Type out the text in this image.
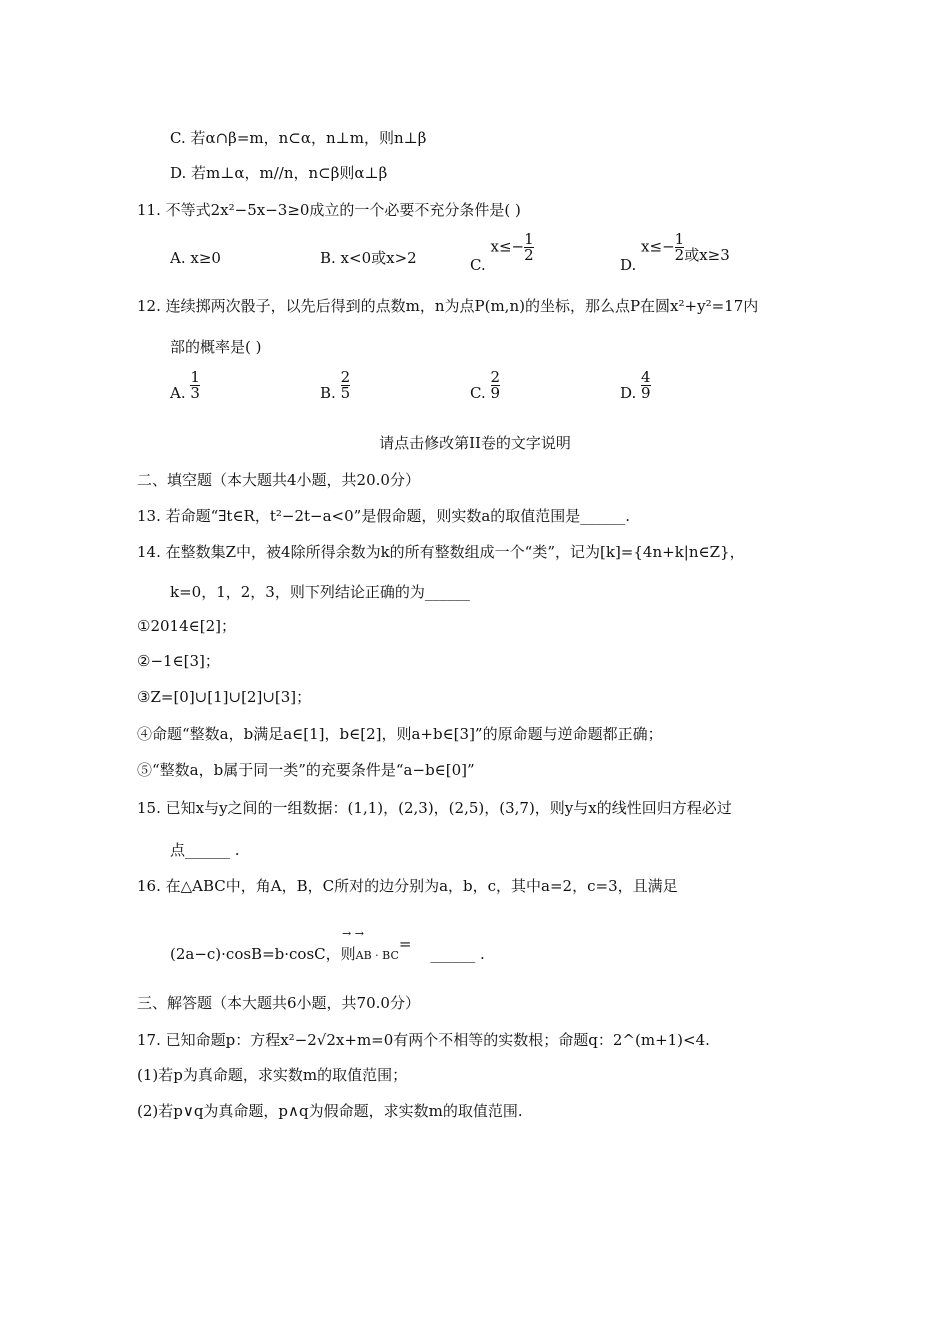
C. 若α∩β=m，n⊂α，n⊥m，则n⊥β
D. 若m⊥α，m//n，n⊂β则α⊥β
11. 不等式2x²−5x−3≥0成立的一个必要不充分条件是( )
A. x≥0	B. x<0或x>2	C. $x\le- \frac{1}{2}$
D. $x\le- \frac{1}{2}$ 或x≥3
12. 连续掷两次骰子，以先后得到的点数m，n为点P(m,n)的坐标，那么点P在圆x²+y²=17内
部的概率是( )
A. $\frac{1}{3}$	B. $\frac{2}{5}$	C. $\frac{2}{9}$	D. $\frac{4}{9}$
请点击修改第II卷的文字说明
二、填空题（本大题共4小题，共20.0分）
13. 若命题“∃t∈R，t²−2t−a<0”是假命题，则实数a的取值范围是______.
14. 在整数集Z中，被4除所得余数为k的所有整数组成一个“类”，记为[k]={4n+k|n∈Z}，
k=0，1，2，3，则下列结论正确的为______
①2014∈[2]；
②−1∈[3]；
③Z=[0]∪[1]∪[2]∪[3]；
④命题“整数a，b满足a∈[1]，b∈[2]，则a+b∈[3]”的原命题与逆命题都正确；
⑤“整数a，b属于同一类”的充要条件是“a−b∈[0]”
15. 已知x与y之间的一组数据：(1,1)，(2,3)，(2,5)，(3,7)，则y与x的线性回归方程必过
点______ .
16. 在△ABC中，角A，B，C所对的边分别为a，b，c，其中a=2，c=3，且满足
(2a−c)·cosB=b·cosC，则AB · BC= ______ .
→ →
三、解答题（本大题共6小题，共70.0分）
17. 已知命题p：方程x²−2√2x+m=0有两个不相等的实数根；命题q：2^(m+1)<4.
(1)若p为真命题，求实数m的取值范围；
(2)若p∨q为真命题，p∧q为假命题，求实数m的取值范围.
